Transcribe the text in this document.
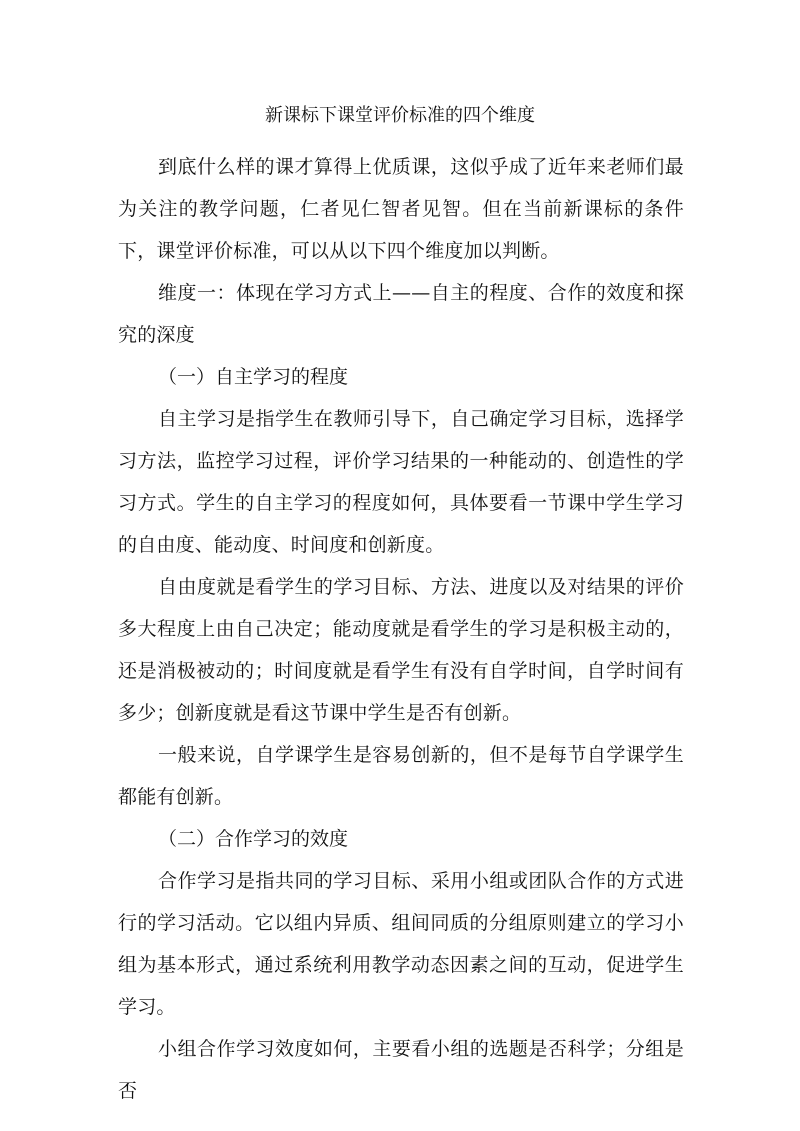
新课标下课堂评价标准的四个维度

到底什么样的课才算得上优质课，这似乎成了近年来老师们最为关注的教学问题，仁者见仁智者见智。但在当前新课标的条件下，课堂评价标准，可以从以下四个维度加以判断。

维度一：体现在学习方式上——自主的程度、合作的效度和探究的深度

（一）自主学习的程度

自主学习是指学生在教师引导下，自己确定学习目标，选择学习方法，监控学习过程，评价学习结果的一种能动的、创造性的学习方式。学生的自主学习的程度如何，具体要看一节课中学生学习的自由度、能动度、时间度和创新度。

自由度就是看学生的学习目标、方法、进度以及对结果的评价多大程度上由自己决定；能动度就是看学生的学习是积极主动的，还是消极被动的；时间度就是看学生有没有自学时间，自学时间有多少；创新度就是看这节课中学生是否有创新。

一般来说，自学课学生是容易创新的，但不是每节自学课学生都能有创新。

（二）合作学习的效度

合作学习是指共同的学习目标、采用小组或团队合作的方式进行的学习活动。它以组内异质、组间同质的分组原则建立的学习小组为基本形式，通过系统利用教学动态因素之间的互动，促进学生学习。

小组合作学习效度如何，主要看小组的选题是否科学；分组是否
